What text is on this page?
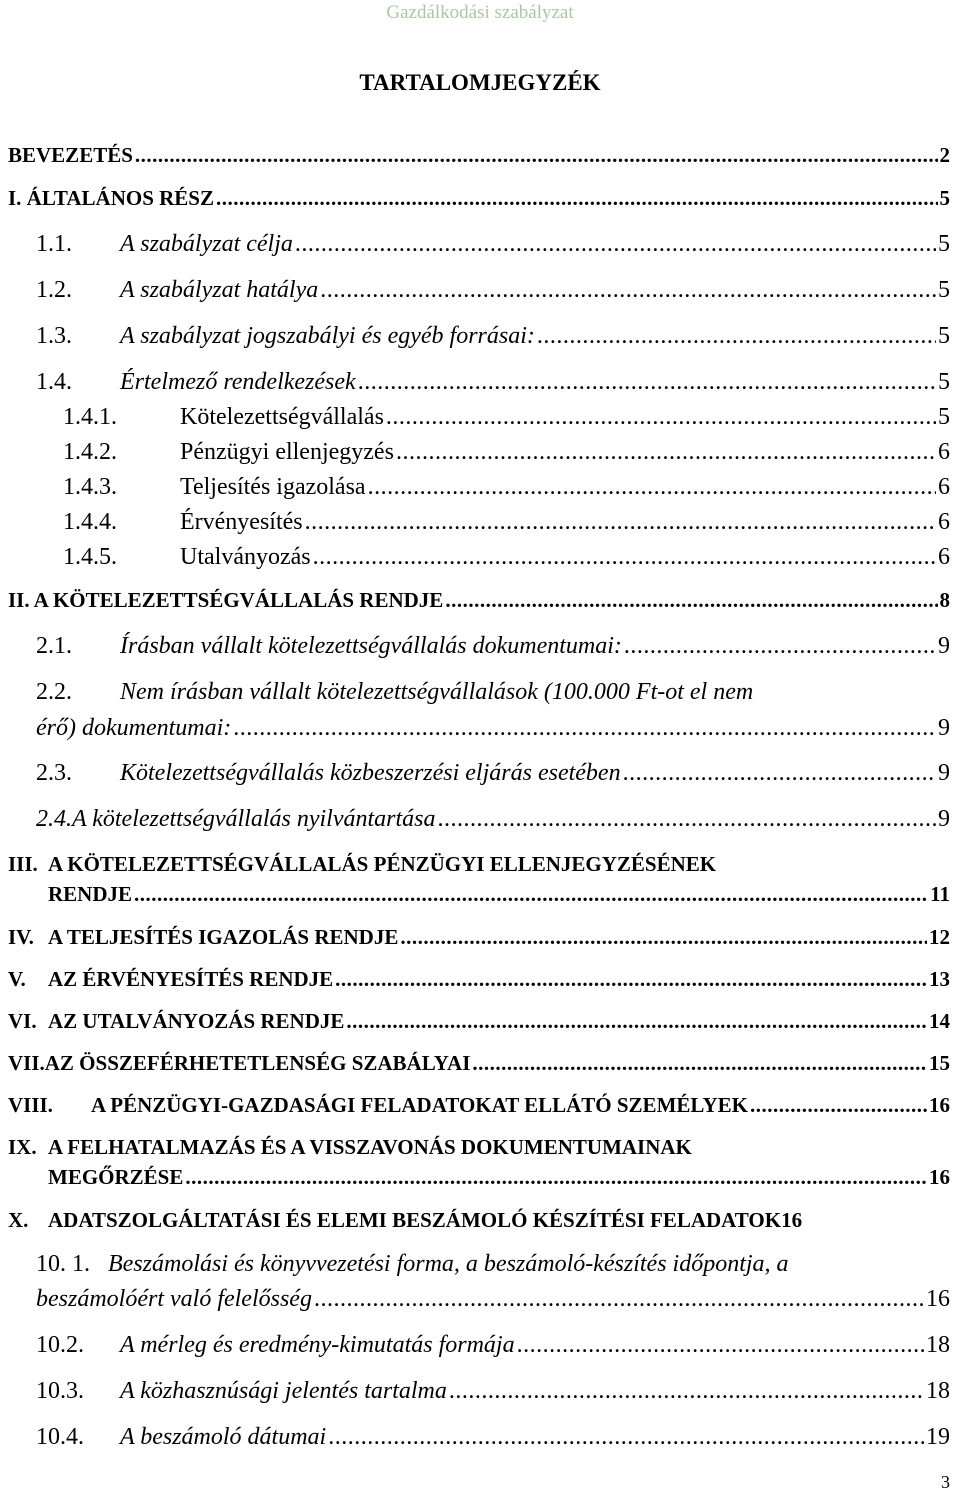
Gazdálkodási szabályzat
TARTALOMJEGYZÉK
BEVEZETÉS .....	2
I. ÁLTALÁNOS RÉSZ .....	5
1.1.	A szabályzat célja .....	5
1.2.	A szabályzat hatálya .....	5
1.3.	A szabályzat jogszabályi és egyéb forrásai: .....	5
1.4.	Értelmező rendelkezések .....	5
1.4.1.	Kötelezettségvállalás .....	5
1.4.2.	Pénzügyi ellenjegyzés .....	6
1.4.3.	Teljesítés igazolása .....	6
1.4.4.	Érvényesítés .....	6
1.4.5.	Utalványozás .....	6
II. A KÖTELEZETTSÉGVÁLLALÁS RENDJE .....	8
2.1.	Írásban vállalt kötelezettségvállalás dokumentumai: .....	9
2.2.	Nem írásban vállalt kötelezettségvállalások (100.000 Ft-ot el nem
érő) dokumentumai: .....	9
2.3.	Kötelezettségvállalás közbeszerzési eljárás esetében .....	9
2.4.A kötelezettségvállalás nyilvántartása .....	9
III. A KÖTELEZETTSÉGVÁLLALÁS PÉNZÜGYI ELLENJEGYZÉSÉNEK
RENDJE .....	11
IV. A TELJESÍTÉS IGAZOLÁS RENDJE .....	12
V.	AZ ÉRVÉNYESÍTÉS RENDJE .....	13
VI. AZ UTALVÁNYOZÁS RENDJE .....	14
VII.AZ ÖSSZEFÉRHETETLENSÉG SZABÁLYAI .....	15
VIII.	A PÉNZÜGYI-GAZDASÁGI FELADATOKAT ELLÁTÓ SZEMÉLYEK .....	16
IX. A FELHATALMAZÁS ÉS A VISSZAVONÁS DOKUMENTUMAINAK
MEGŐRZÉSE .....	16
X. ADATSZOLGÁLTATÁSI ÉS ELEMI BESZÁMOLÓ KÉSZÍTÉSI FELADATOK 16
10. 1. Beszámolási és könyvvezetési forma, a beszámoló-készítés időpontja, a
beszámolóért való felelősség .....	16
10.2.	A mérleg és eredmény-kimutatás formája .....	18
10.3.	A közhasznúsági jelentés tartalma .....	18
10.4.	A beszámoló dátumai .....	19
3
